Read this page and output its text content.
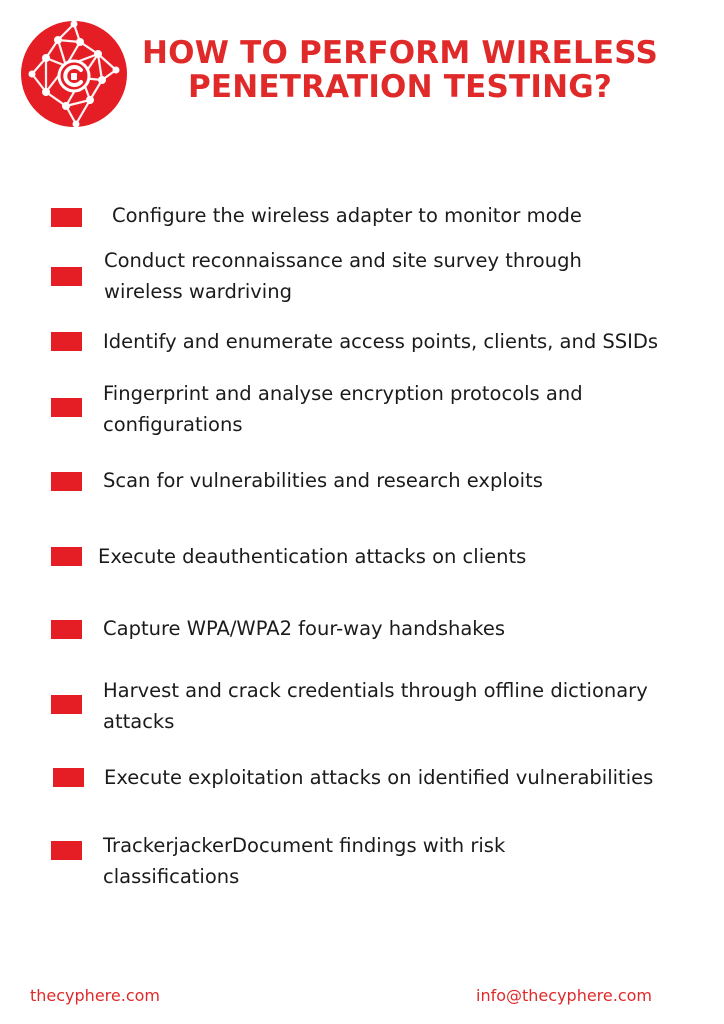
HOW TO PERFORM WIRELESS
PENETRATION TESTING?
Configure the wireless adapter to monitor mode
Conduct reconnaissance and site survey through
wireless wardriving
Identify and enumerate access points, clients, and SSIDs
Fingerprint and analyse encryption protocols and
configurations
Scan for vulnerabilities and research exploits
Execute deauthentication attacks on clients
Capture WPA/WPA2 four-way handshakes
Harvest and crack credentials through offline dictionary
attacks
Execute exploitation attacks on identified vulnerabilities
TrackerjackerDocument findings with risk
classifications
thecyphere.com	info@thecyphere.com
